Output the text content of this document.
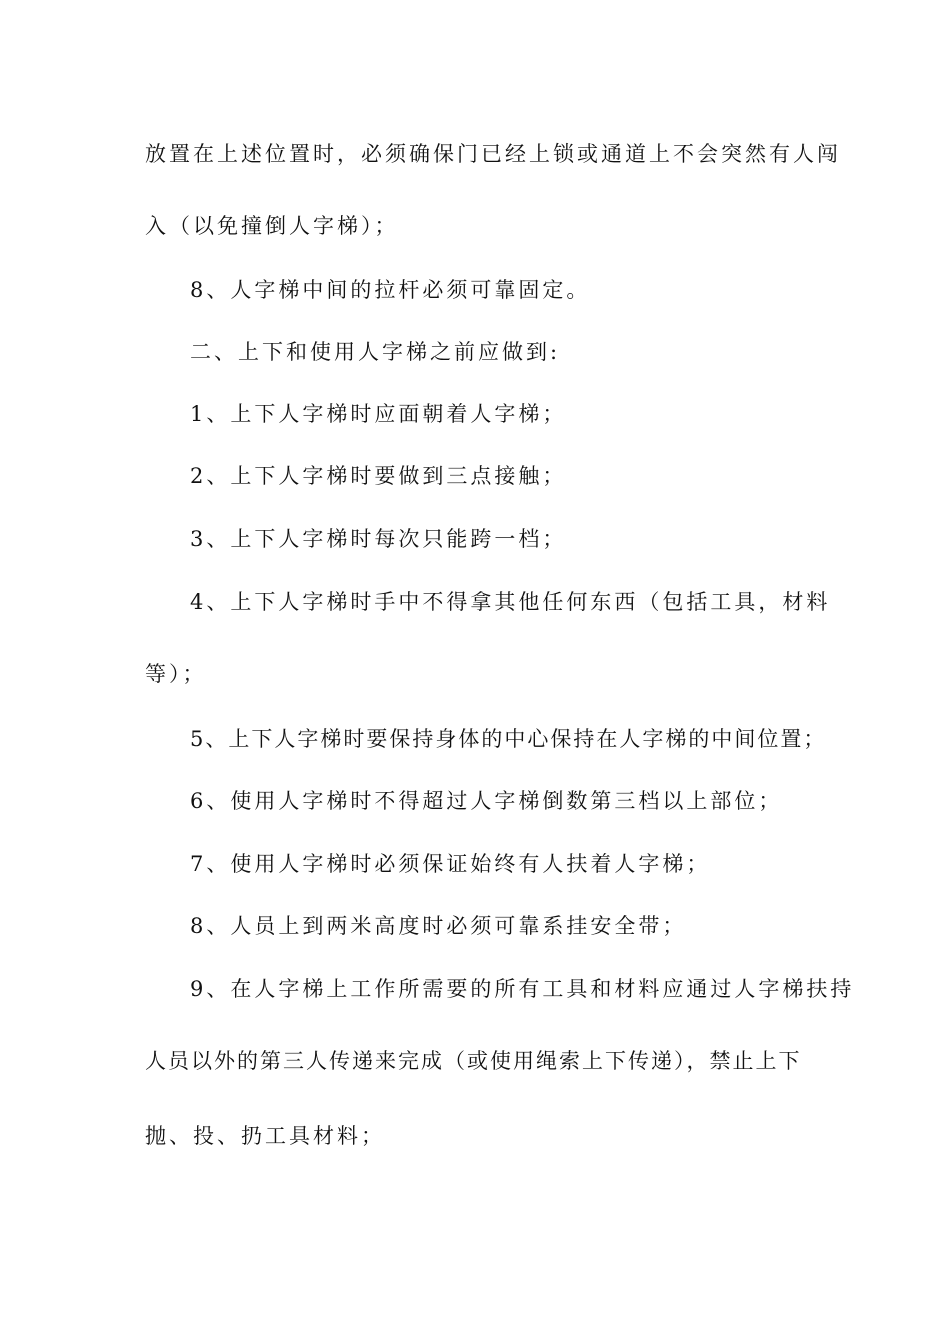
放置在上述位置时，必须确保门已经上锁或通道上不会突然有人闯
入（以免撞倒人字梯）；
8、人字梯中间的拉杆必须可靠固定。
二、上下和使用人字梯之前应做到:
1、上下人字梯时应面朝着人字梯；
2、上下人字梯时要做到三点接触；
3、上下人字梯时每次只能跨一档；
4、上下人字梯时手中不得拿其他任何东西（包括工具，材料
等）；
5、上下人字梯时要保持身体的中心保持在人字梯的中间位置；
6、使用人字梯时不得超过人字梯倒数第三档以上部位；
7、使用人字梯时必须保证始终有人扶着人字梯；
8、人员上到两米高度时必须可靠系挂安全带；
9、在人字梯上工作所需要的所有工具和材料应通过人字梯扶持
人员以外的第三人传递来完成（或使用绳索上下传递），禁止上下
抛、投、扔工具材料；
